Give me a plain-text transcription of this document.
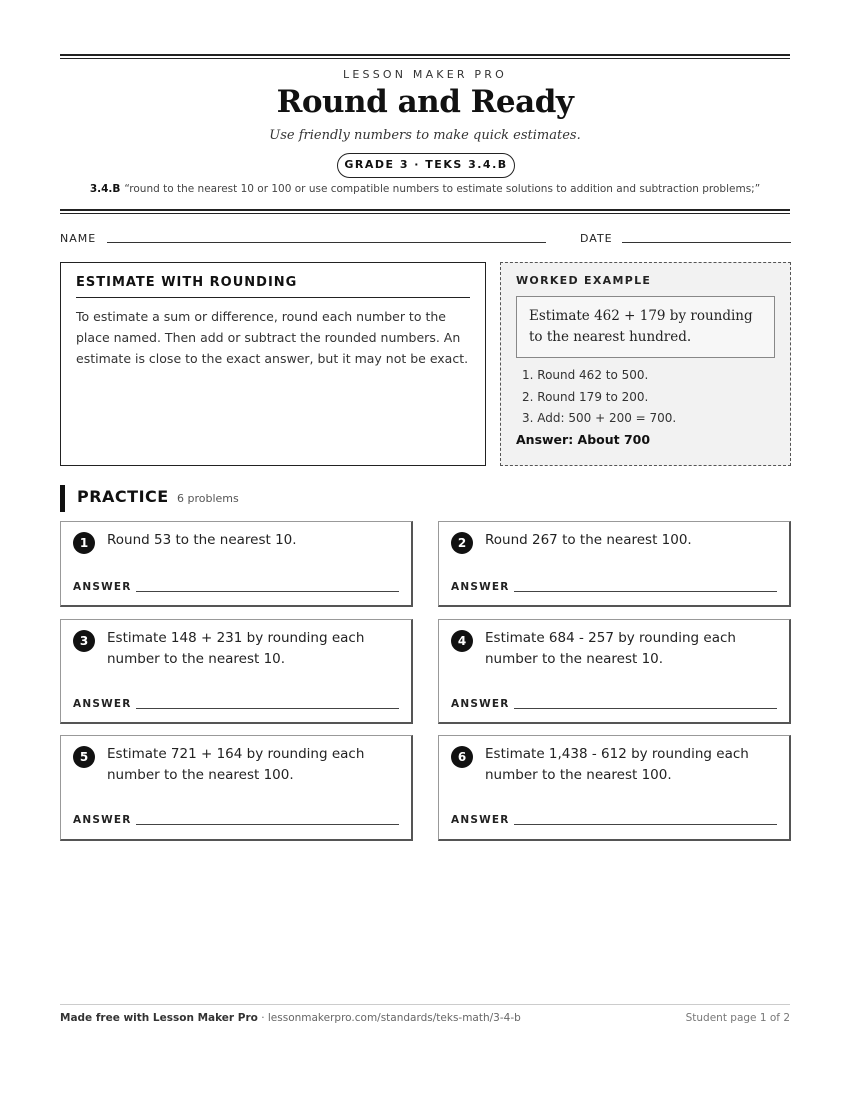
LESSON MAKER PRO
Round and Ready
Use friendly numbers to make quick estimates.
GRADE 3 · TEKS 3.4.B
3.4.B “round to the nearest 10 or 100 or use compatible numbers to estimate solutions to addition and subtraction problems;”
NAME	DATE
ESTIMATE WITH ROUNDING
To estimate a sum or difference, round each number to the place named. Then add or subtract the rounded numbers. An estimate is close to the exact answer, but it may not be exact.
WORKED EXAMPLE
Estimate 462 + 179 by rounding to the nearest hundred.
1. Round 462 to 500.
2. Round 179 to 200.
3. Add: 500 + 200 = 700.
Answer: About 700
PRACTICE 6 problems
1	Round 53 to the nearest 10.
ANSWER
2	Round 267 to the nearest 100.
ANSWER
3	Estimate 148 + 231 by rounding each number to the nearest 10.
ANSWER
4	Estimate 684 - 257 by rounding each number to the nearest 10.
ANSWER
5	Estimate 721 + 164 by rounding each number to the nearest 100.
ANSWER
6	Estimate 1,438 - 612 by rounding each number to the nearest 100.
ANSWER
Made free with Lesson Maker Pro · lessonmakerpro.com/standards/teks-math/3-4-b	Student page 1 of 2
